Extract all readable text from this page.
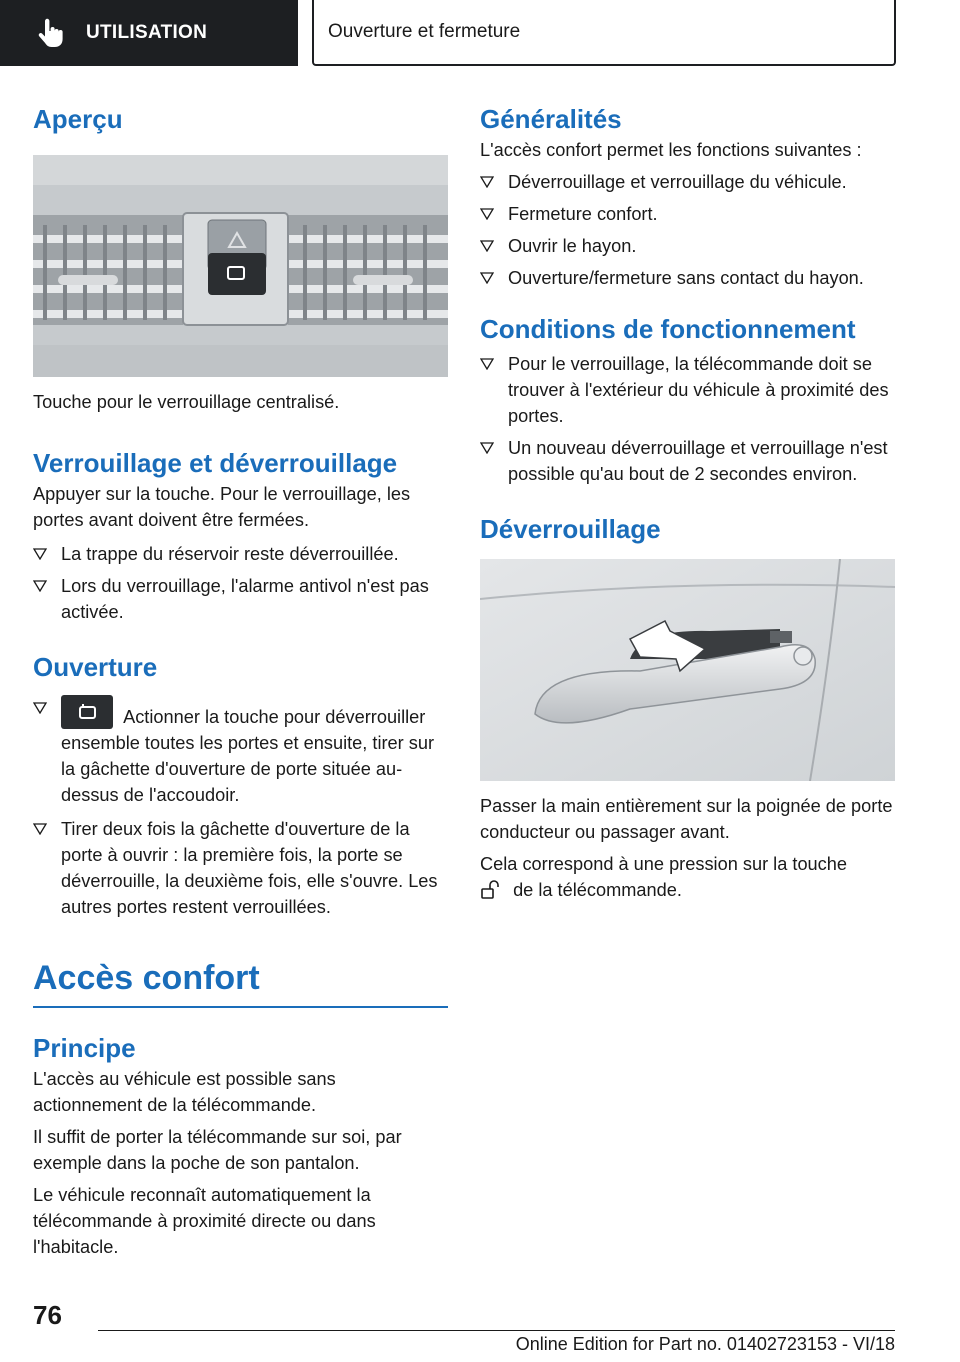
UTILISATION	Ouverture et fermeture
Aperçu

Touche pour le verrouillage centralisé.

Verrouillage et déverrouillage

Appuyer sur la touche. Pour le verrouillage, les portes avant doivent être fermées.

La trappe du réservoir reste déverrouillée.
Lors du verrouillage, l'alarme antivol n'est pas activée.
Ouverture
Actionner la touche pour déverrouiller ensemble toutes les portes et ensuite, tirer sur la gâchette d'ouverture de porte située au-dessus de l'accoudoir.
Tirer deux fois la gâchette d'ouverture de la porte à ouvrir : la première fois, la porte se déverrouille, la deuxième fois, elle s'ouvre. Les autres portes restent verrouillées.
Accès confort
Principe

L'accès au véhicule est possible sans actionnement de la télécommande.

Il suffit de porter la télécommande sur soi, par exemple dans la poche de son pantalon.

Le véhicule reconnaît automatiquement la télécommande à proximité directe ou dans l'habitacle.

Généralités

L'accès confort permet les fonctions suivantes :

Déverrouillage et verrouillage du véhicule.
Fermeture confort.
Ouvrir le hayon.
Ouverture/fermeture sans contact du hayon.
Conditions de fonctionnement
Pour le verrouillage, la télécommande doit se trouver à l'extérieur du véhicule à proximité des portes.
Un nouveau déverrouillage et verrouillage n'est possible qu'au bout de 2 secondes environ.
Déverrouillage

Passer la main entièrement sur la poignée de porte conducteur ou passager avant.

Cela correspond à une pression sur la touche
de la télécommande.

76
Online Edition for Part no. 01402723153 - VI/18
